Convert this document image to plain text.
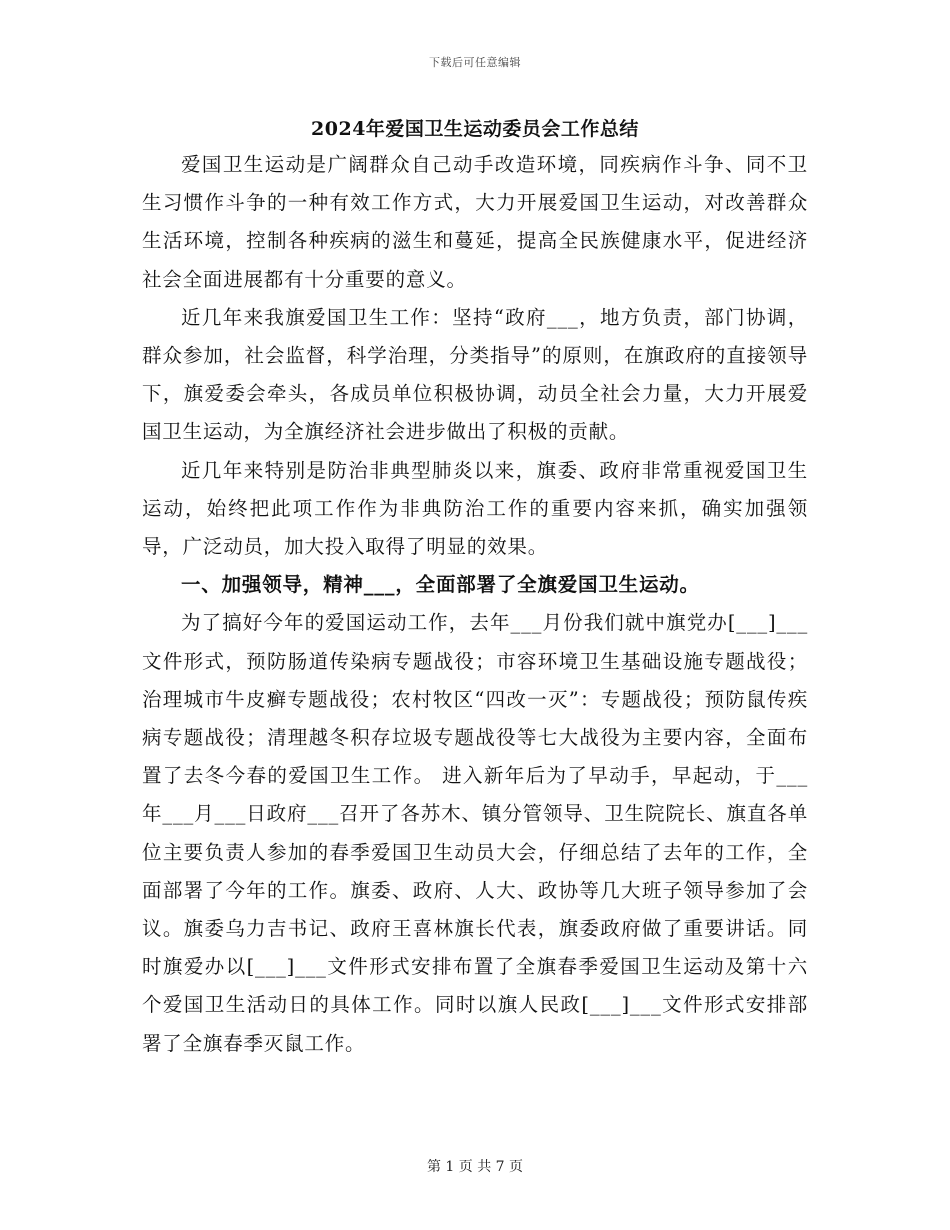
下载后可任意编辑
2024年爱国卫生运动委员会工作总结

爱国卫生运动是广阔群众自己动手改造环境，同疾病作斗争、同不卫生习惯作斗争的一种有效工作方式，大力开展爱国卫生运动，对改善群众生活环境，控制各种疾病的滋生和蔓延，提高全民族健康水平，促进经济社会全面进展都有十分重要的意义。

近几年来我旗爱国卫生工作：坚持“政府___，地方负责，部门协调，群众参加，社会监督，科学治理，分类指导”的原则，在旗政府的直接领导下，旗爱委会牵头，各成员单位积极协调，动员全社会力量，大力开展爱国卫生运动，为全旗经济社会进步做出了积极的贡献。

近几年来特别是防治非典型肺炎以来，旗委、政府非常重视爱国卫生运动，始终把此项工作作为非典防治工作的重要内容来抓，确实加强领导，广泛动员，加大投入取得了明显的效果。

一、加强领导，精神___，全面部署了全旗爱国卫生运动。

为了搞好今年的爱国运动工作，去年___月份我们就中旗党办[___]___文件形式，预防肠道传染病专题战役；市容环境卫生基础设施专题战役；治理城市牛皮癣专题战役；农村牧区“四改一灭”：专题战役；预防鼠传疾病专题战役；清理越冬积存垃圾专题战役等七大战役为主要内容，全面布置了去冬今春的爱国卫生工作。 进入新年后为了早动手，早起动，于___年___月___日政府___召开了各苏木、镇分管领导、卫生院院长、旗直各单位主要负责人参加的春季爱国卫生动员大会，仔细总结了去年的工作，全面部署了今年的工作。旗委、政府、人大、政协等几大班子领导参加了会议。旗委乌力吉书记、政府王喜林旗长代表，旗委政府做了重要讲话。同时旗爱办以[___]___文件形式安排布置了全旗春季爱国卫生运动及第十六个爱国卫生活动日的具体工作。同时以旗人民政[___]___文件形式安排部署了全旗春季灭鼠工作。

第 1 页 共 7 页
